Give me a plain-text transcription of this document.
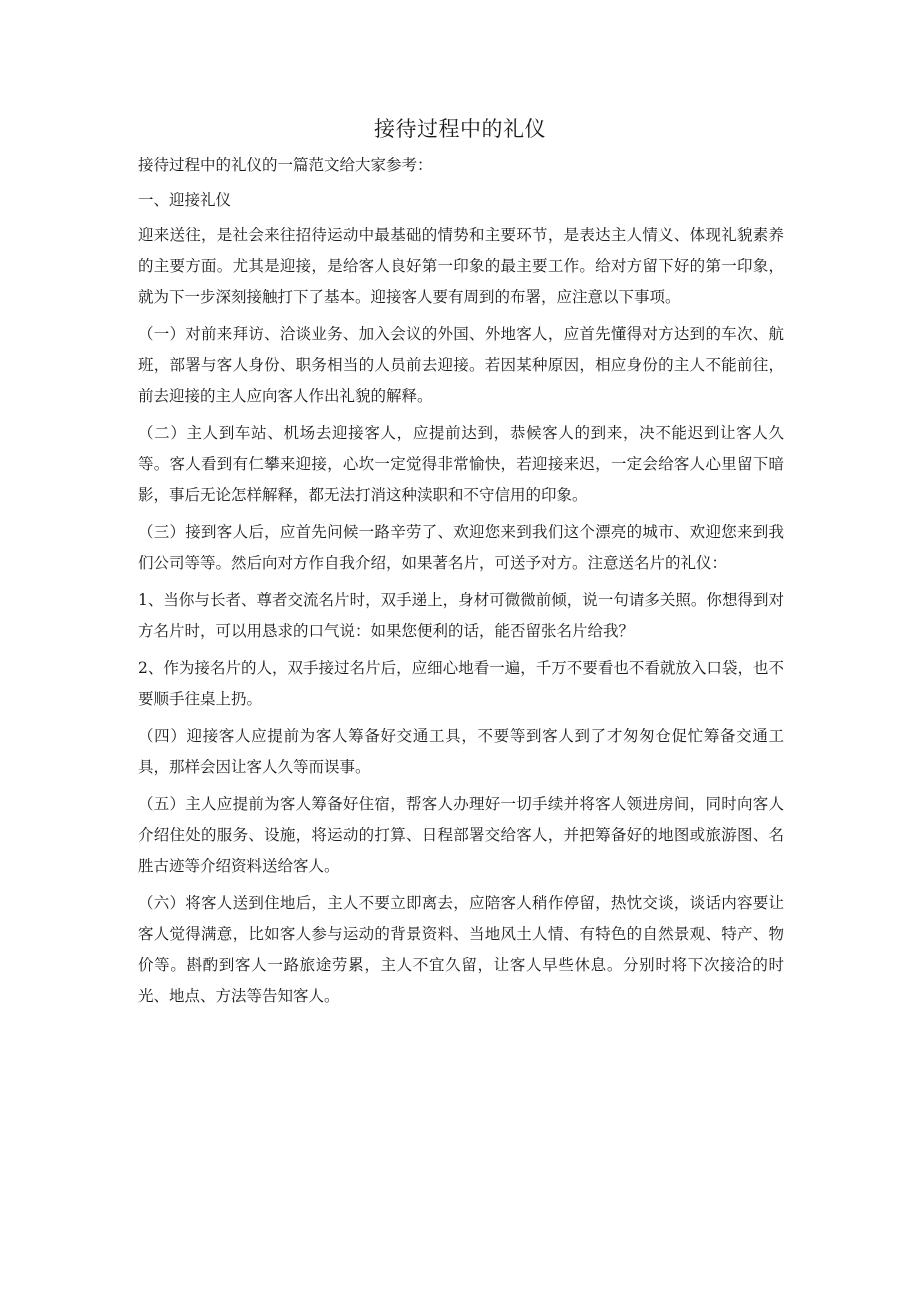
接待过程中的礼仪

接待过程中的礼仪的一篇范文给大家参考：

一、迎接礼仪

迎来送往，是社会来往招待运动中最基础的情势和主要环节，是表达主人情义、体现礼貌素养的主要方面。尤其是迎接，是给客人良好第一印象的最主要工作。给对方留下好的第一印象，就为下一步深刻接触打下了基本。迎接客人要有周到的布署，应注意以下事项。

（一）对前来拜访、洽谈业务、加入会议的外国、外地客人，应首先懂得对方达到的车次、航班，部署与客人身份、职务相当的人员前去迎接。若因某种原因，相应身份的主人不能前往，前去迎接的主人应向客人作出礼貌的解释。

（二）主人到车站、机场去迎接客人，应提前达到，恭候客人的到来，决不能迟到让客人久等。客人看到有仁攀来迎接，心坎一定觉得非常愉快，若迎接来迟，一定会给客人心里留下暗影，事后无论怎样解释，都无法打消这种渎职和不守信用的印象。

（三）接到客人后，应首先问候一路辛劳了、欢迎您来到我们这个漂亮的城市、欢迎您来到我们公司等等。然后向对方作自我介绍，如果著名片，可送予对方。注意送名片的礼仪：

1、当你与长者、尊者交流名片时，双手递上，身材可微微前倾，说一句请多关照。你想得到对方名片时，可以用恳求的口气说：如果您便利的话，能否留张名片给我？

2、作为接名片的人，双手接过名片后，应细心地看一遍，千万不要看也不看就放入口袋，也不要顺手往桌上扔。

（四）迎接客人应提前为客人筹备好交通工具，不要等到客人到了才匆匆仓促忙筹备交通工具，那样会因让客人久等而误事。

（五）主人应提前为客人筹备好住宿，帮客人办理好一切手续并将客人领进房间，同时向客人介绍住处的服务、设施，将运动的打算、日程部署交给客人，并把筹备好的地图或旅游图、名胜古迹等介绍资料送给客人。

（六）将客人送到住地后，主人不要立即离去，应陪客人稍作停留，热忱交谈，谈话内容要让客人觉得满意，比如客人参与运动的背景资料、当地风土人情、有特色的自然景观、特产、物价等。斟酌到客人一路旅途劳累，主人不宜久留，让客人早些休息。分别时将下次接洽的时光、地点、方法等告知客人。
